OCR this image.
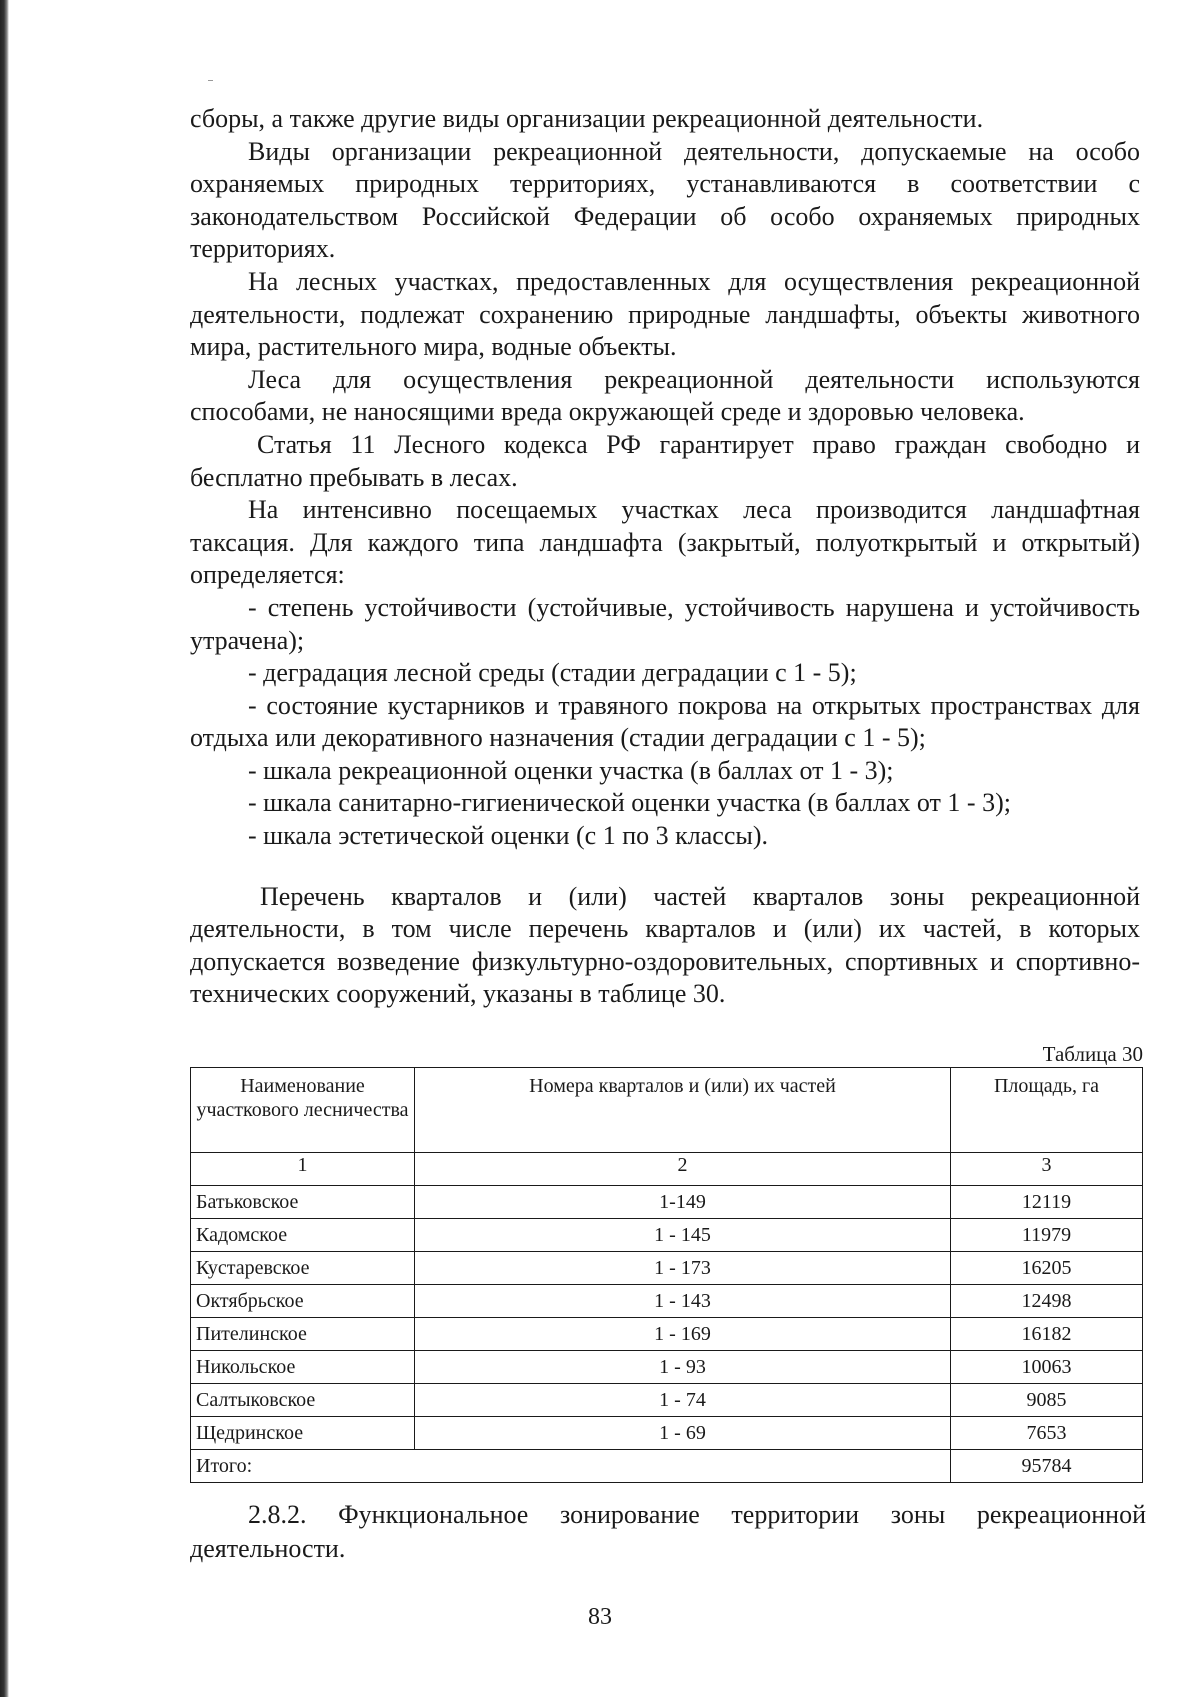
сборы, а также другие виды организации рекреационной деятельности.

Виды организации рекреационной деятельности, допускаемые на особо охраняемых природных территориях, устанавливаются в соответствии с законодательством Российской Федерации об особо охраняемых природных территориях.

На лесных участках, предоставленных для осуществления рекреационной деятельности, подлежат сохранению природные ландшафты, объекты животного мира, растительного мира, водные объекты.

Леса для осуществления рекреационной деятельности используются способами, не наносящими вреда окружающей среде и здоровью человека.

Статья 11 Лесного кодекса РФ гарантирует право граждан свободно и бесплатно пребывать в лесах.

На интенсивно посещаемых участках леса производится ландшафтная таксация. Для каждого типа ландшафта (закрытый, полуоткрытый и открытый) определяется:

- степень устойчивости (устойчивые, устойчивость нарушена и устойчивость утрачена);

- деградация лесной среды (стадии деградации с 1 - 5);

- состояние кустарников и травяного покрова на открытых пространствах для отдыха или декоративного назначения (стадии деградации с 1 - 5);

- шкала рекреационной оценки участка (в баллах от 1 - 3);

- шкала санитарно-гигиенической оценки участка (в баллах от 1 - 3);

- шкала эстетической оценки (с 1 по 3 классы).

Перечень кварталов и (или) частей кварталов зоны рекреационной деятельности, в том числе перечень кварталов и (или) их частей, в которых допускается возведение физкультурно-оздоровительных, спортивных и спортивно-технических сооружений, указаны в таблице 30.

Таблица 30
Наименование участкового лесничества	Номера кварталов и (или) их частей	Площадь, га
1	2	3
Батьковское	1-149	12119
Кадомское	1 - 145	11979
Кустаревское	1 - 173	16205
Октябрьское	1 - 143	12498
Пителинское	1 - 169	16182
Никольское	1 - 93	10063
Салтыковское	1 - 74	9085
Щедринское	1 - 69	7653
Итого:		95784

2.8.2. Функциональное зонирование территории зоны рекреационной деятельности.

83
